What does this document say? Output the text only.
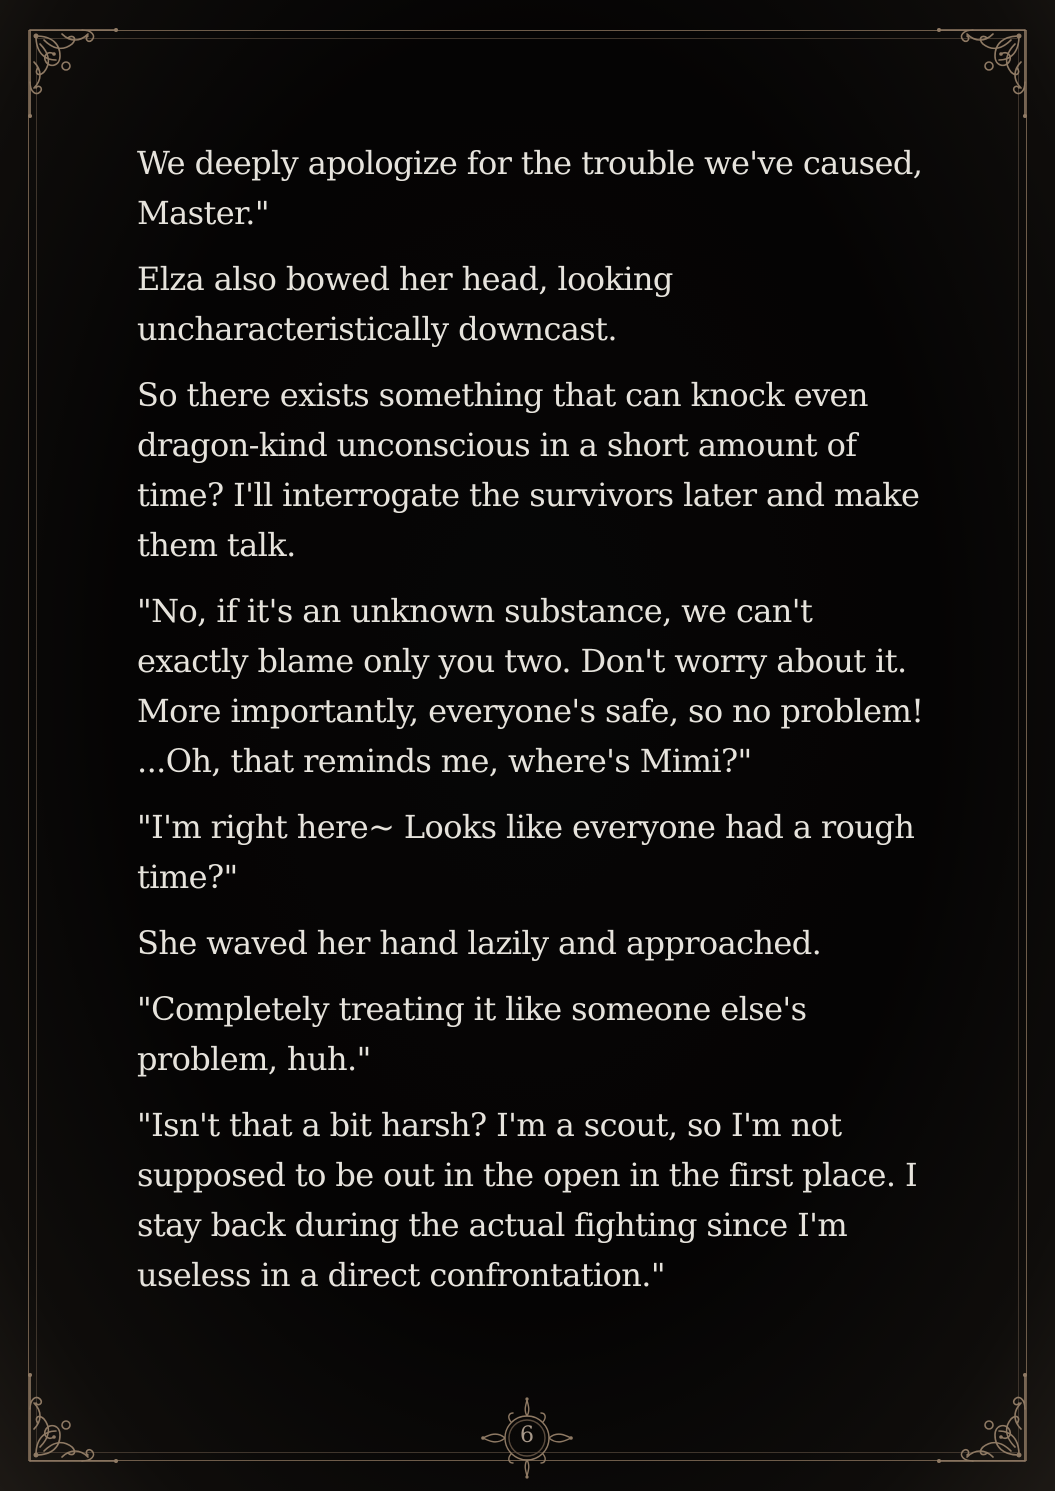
We deeply apologize for the trouble we've caused, Master."

Elza also bowed her head, looking uncharacteristically downcast.

So there exists something that can knock even dragon-kind unconscious in a short amount of time? I'll interrogate the survivors later and make them talk.

"No, if it's an unknown substance, we can't exactly blame only you two. Don't worry about it. More importantly, everyone's safe, so no problem! ...Oh, that reminds me, where's Mimi?"

"I'm right here~ Looks like everyone had a rough time?"

She waved her hand lazily and approached.

"Completely treating it like someone else's problem, huh."

"Isn't that a bit harsh? I'm a scout, so I'm not supposed to be out in the open in the first place. I stay back during the actual fighting since I'm useless in a direct confrontation."

6
